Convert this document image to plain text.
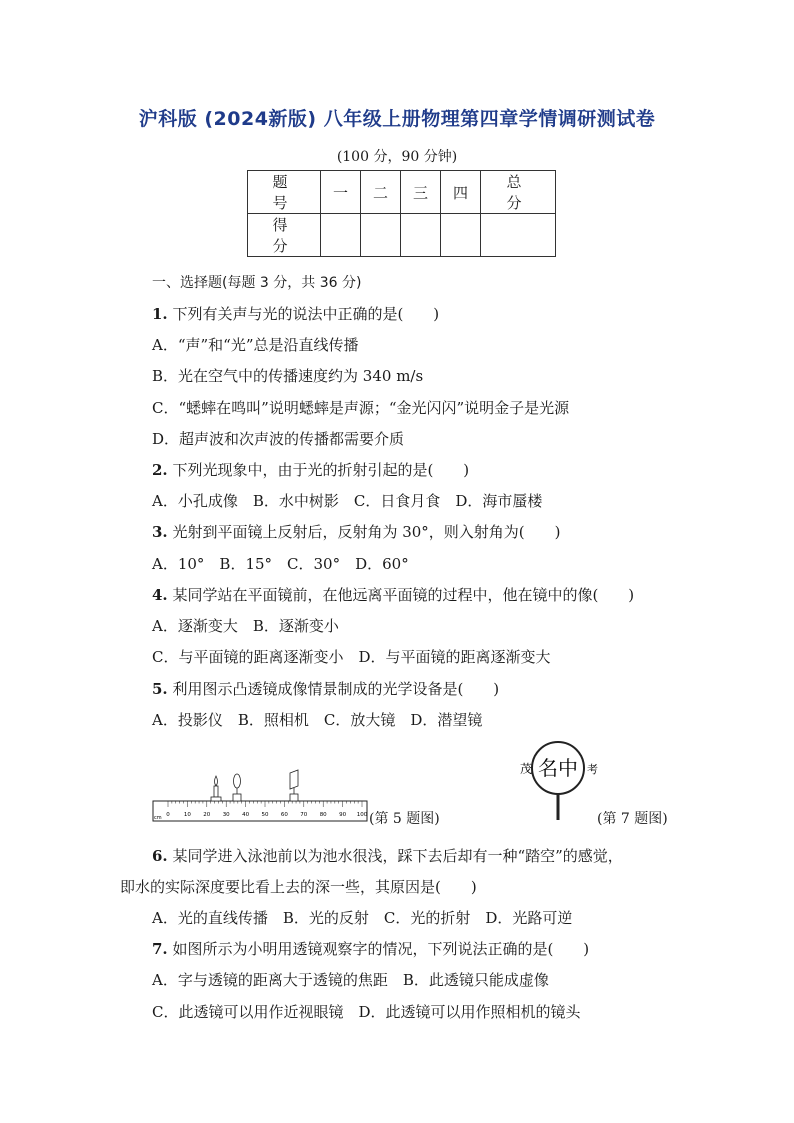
沪科版 (2024新版) 八年级上册物理第四章学情调研测试卷
(100 分，90 分钟)
题 号	一	二	三	四	总 分
得 分					
一、选择题(每题 3 分，共 36 分)
1. 下列有关声与光的说法中正确的是(　　)
A．“声”和“光”总是沿直线传播
B．光在空气中的传播速度约为 340 m/s
C．“蟋蟀在鸣叫”说明蟋蟀是声源；“金光闪闪”说明金子是光源
D．超声波和次声波的传播都需要介质
2. 下列光现象中，由于光的折射引起的是(　　)
A．小孔成像　B．水中树影　C．日食月食　D．海市蜃楼
3. 光射到平面镜上反射后，反射角为 30°，则入射角为(　　)
A．10°　B．15°　C．30°　D．60°
4. 某同学站在平面镜前，在他远离平面镜的过程中，他在镜中的像(　　)
A．逐渐变大　B．逐渐变小
C．与平面镜的距离逐渐变小　D．与平面镜的距离逐渐变大
5. 利用图示凸透镜成像情景制成的光学设备是(　　)
A．投影仪　B．照相机　C．放大镜　D．潜望镜
0	10 20 30 40 50 60 70 80 90 100
cm	(第 5 题图)
茂 名中 考
(第 7 题图)
6. 某同学进入泳池前以为池水很浅，踩下去后却有一种“踏空”的感觉，
即水的实际深度要比看上去的深一些，其原因是(　　)
A．光的直线传播　B．光的反射　C．光的折射　D．光路可逆
7. 如图所示为小明用透镜观察字的情况，下列说法正确的是(　　)
A．字与透镜的距离大于透镜的焦距　B．此透镜只能成虚像
C．此透镜可以用作近视眼镜　D．此透镜可以用作照相机的镜头
